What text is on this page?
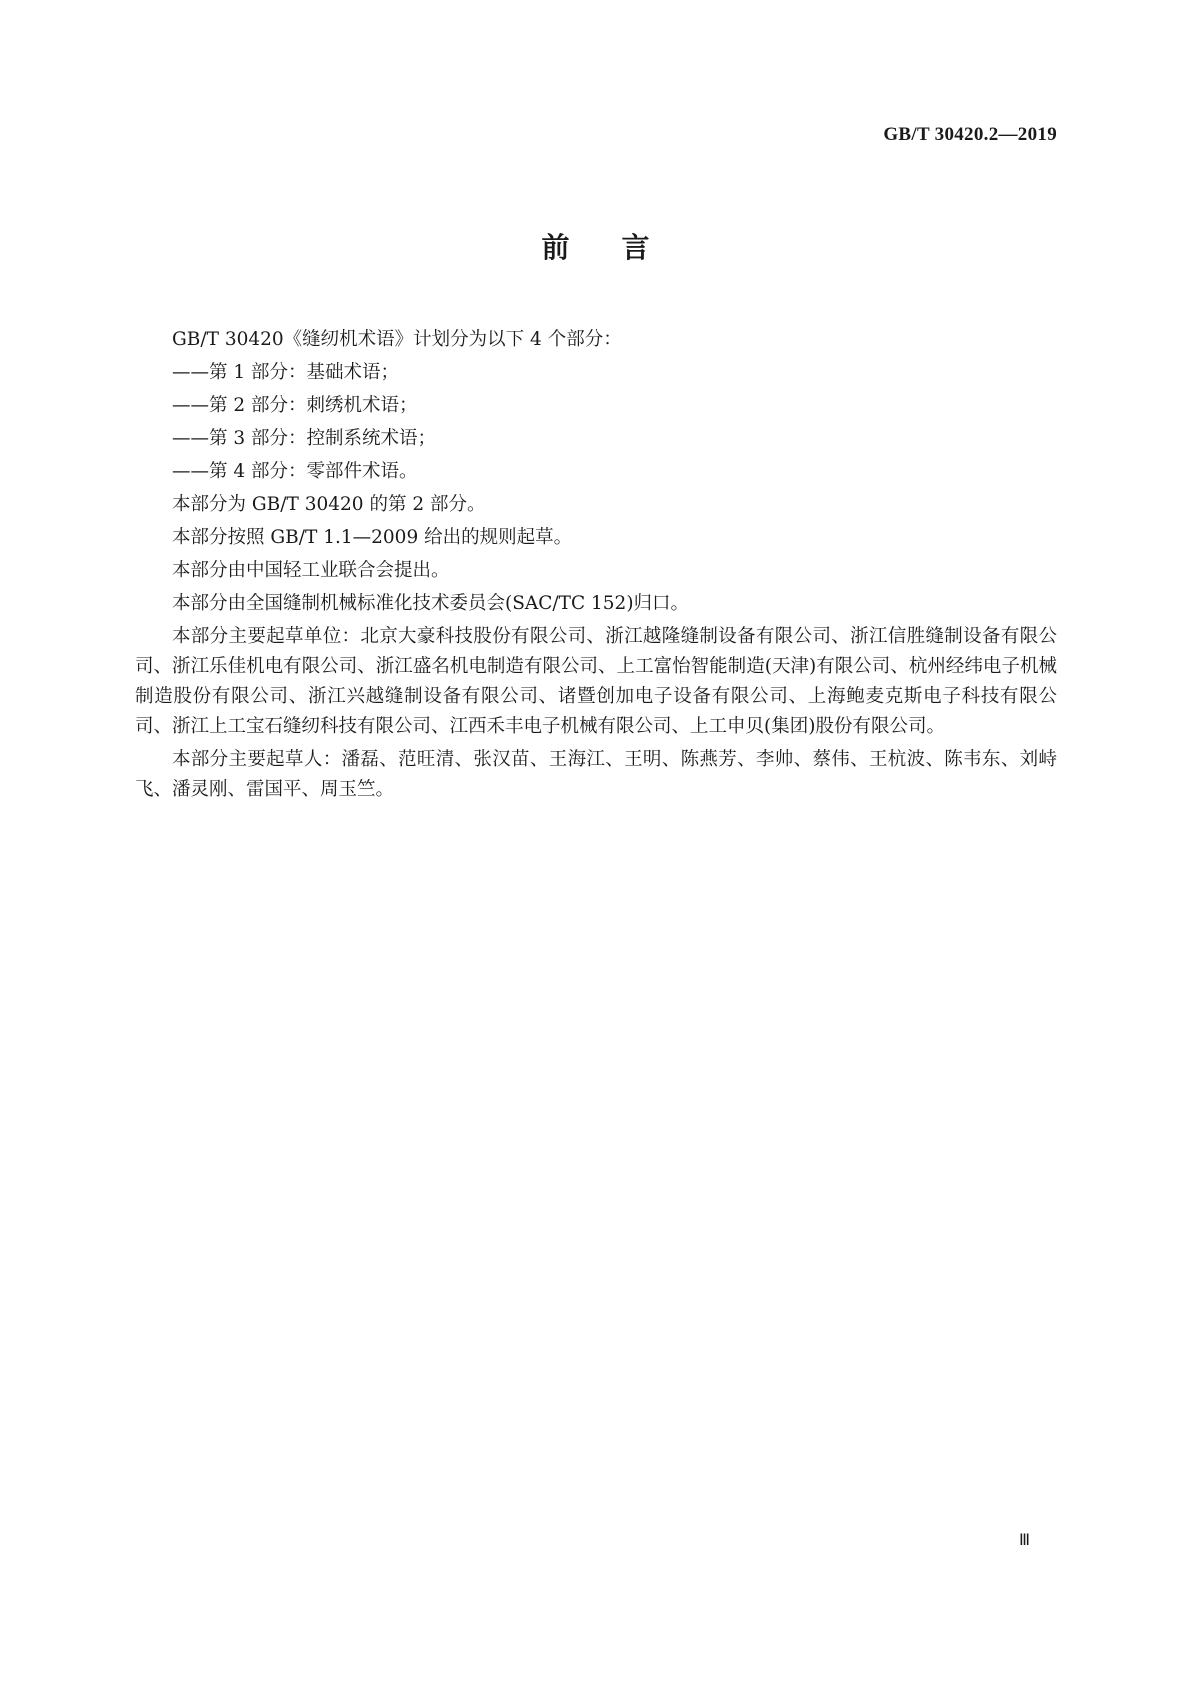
GB/T 30420.2—2019
前言

GB/T 30420《缝纫机术语》计划分为以下 4 个部分：

——第 1 部分：基础术语；

——第 2 部分：刺绣机术语；

——第 3 部分：控制系统术语；

——第 4 部分：零部件术语。

本部分为 GB/T 30420 的第 2 部分。

本部分按照 GB/T 1.1—2009 给出的规则起草。

本部分由中国轻工业联合会提出。

本部分由全国缝制机械标准化技术委员会(SAC/TC 152)归口。

本部分主要起草单位：北京大豪科技股份有限公司、浙江越隆缝制设备有限公司、浙江信胜缝制设备有限公司、浙江乐佳机电有限公司、浙江盛名机电制造有限公司、上工富怡智能制造(天津)有限公司、杭州经纬电子机械制造股份有限公司、浙江兴越缝制设备有限公司、诸暨创加电子设备有限公司、上海鲍麦克斯电子科技有限公司、浙江上工宝石缝纫科技有限公司、江西禾丰电子机械有限公司、上工申贝(集团)股份有限公司。

本部分主要起草人：潘磊、范旺清、张汉苗、王海江、王明、陈燕芳、李帅、蔡伟、王杭波、陈韦东、刘峙飞、潘灵刚、雷国平、周玉竺。

Ⅲ
